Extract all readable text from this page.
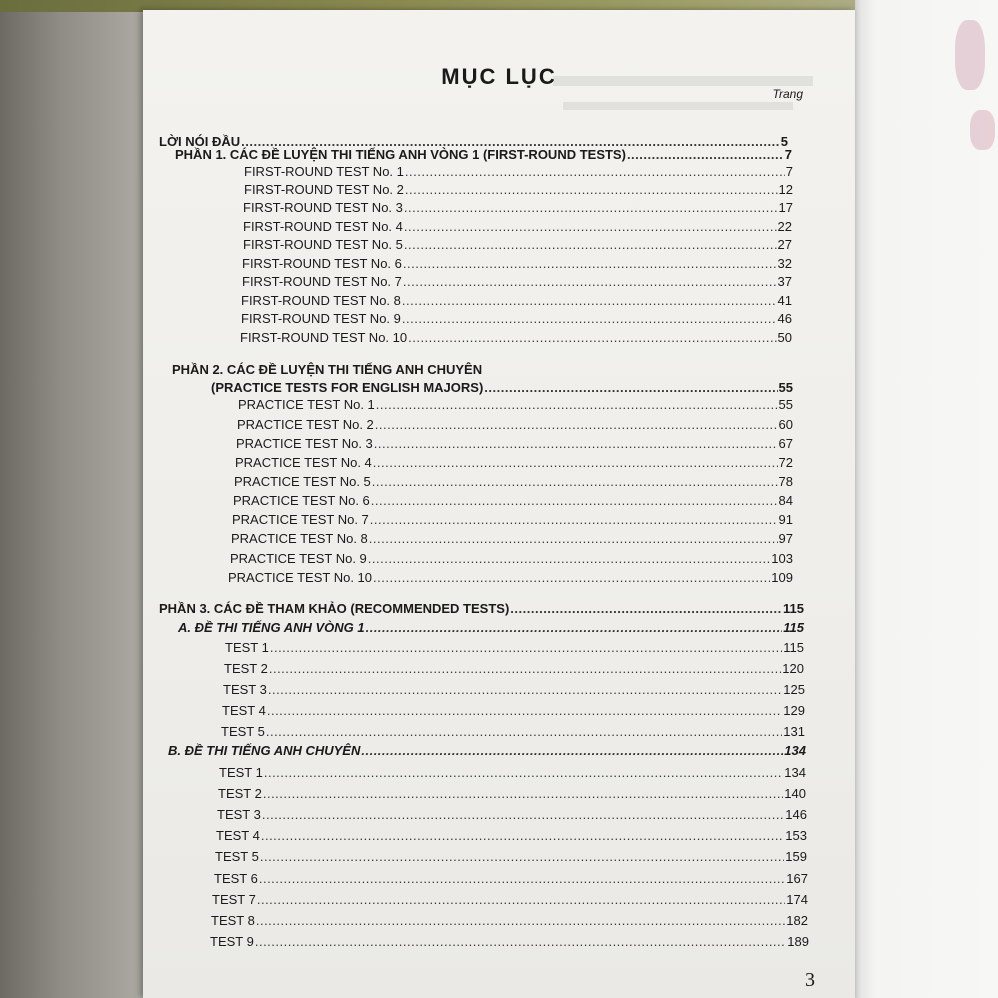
MỤC LỤC
Trang
LỜI NÓI ĐẦU .....	5
PHẦN 1. CÁC ĐỀ LUYỆN THI TIẾNG ANH VÒNG 1 (FIRST-ROUND TESTS) .....	7
FIRST-ROUND TEST No. 1 .....	7
FIRST-ROUND TEST No. 2 .....	12
FIRST-ROUND TEST No. 3 .....	17
FIRST-ROUND TEST No. 4 .....	22
FIRST-ROUND TEST No. 5 .....	27
FIRST-ROUND TEST No. 6 .....	32
FIRST-ROUND TEST No. 7 .....	37
FIRST-ROUND TEST No. 8 .....	41
FIRST-ROUND TEST No. 9 .....	46
FIRST-ROUND TEST No. 10 .....	50
PHẦN 2. CÁC ĐỀ LUYỆN THI TIẾNG ANH CHUYÊN
(PRACTICE TESTS FOR ENGLISH MAJORS) .....	55
PRACTICE TEST No. 1 .....	55
PRACTICE TEST No. 2 .....	60
PRACTICE TEST No. 3 .....	67
PRACTICE TEST No. 4 .....	72
PRACTICE TEST No. 5 .....	78
PRACTICE TEST No. 6 .....	84
PRACTICE TEST No. 7 .....	91
PRACTICE TEST No. 8 .....	97
PRACTICE TEST No. 9 .....	103
PRACTICE TEST No. 10 .....	109
PHẦN 3. CÁC ĐỀ THAM KHẢO (RECOMMENDED TESTS) .....	115
A. ĐỀ THI TIẾNG ANH VÒNG 1 .....	115
TEST 1 .....	115
TEST 2 .....	120
TEST 3 .....	125
TEST 4 .....	129
TEST 5 .....	131
B. ĐỀ THI TIẾNG ANH CHUYÊN .....	134
TEST 1 .....	134
TEST 2 .....	140
TEST 3 .....	146
TEST 4 .....	153
TEST 5 .....	159
TEST 6 .....	167
TEST 7 .....	174
TEST 8 .....	182
TEST 9 .....	189
3
